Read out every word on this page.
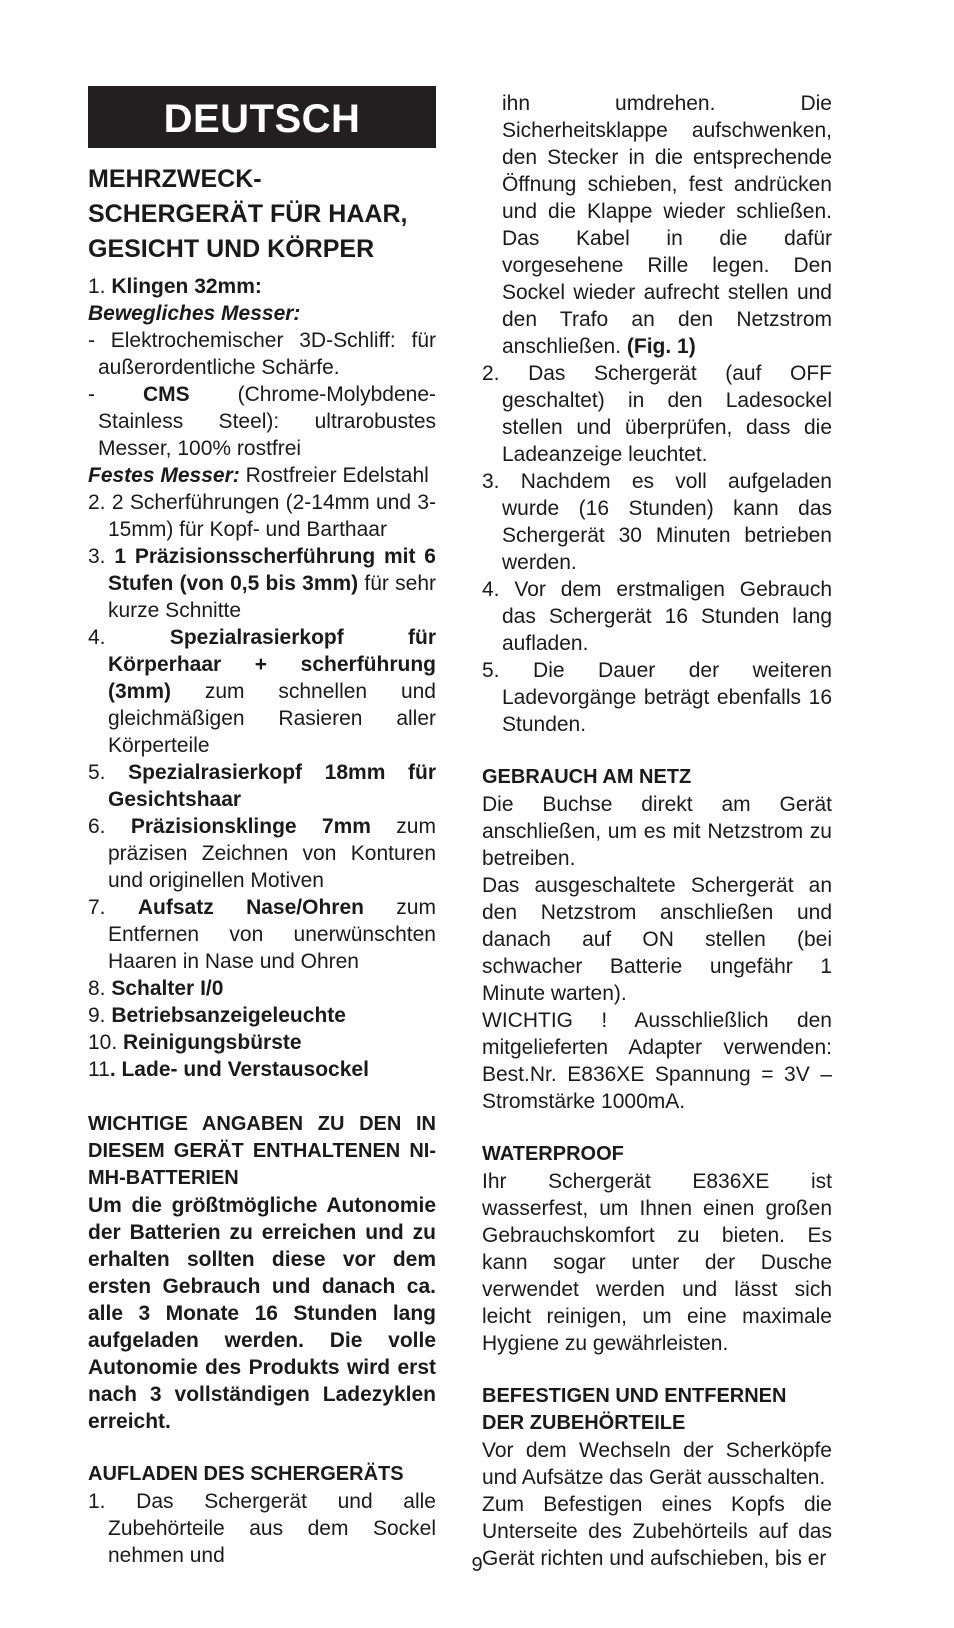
DEUTSCH

MEHRZWECK-SCHERGERÄT FÜR HAAR, GESICHT UND KÖRPER

1. Klingen 32mm:

Bewegliches Messer:

- Elektrochemischer 3D-Schliff: für außerordentliche Schärfe.

- CMS (Chrome-Molybdene-Stainless Steel): ultrarobustes Messer, 100% rostfrei

Festes Messer: Rostfreier Edelstahl

2. 2 Scherführungen (2-14mm und 3-15mm) für Kopf- und Barthaar

3. 1 Präzisionsscherführung mit 6 Stufen (von 0,5 bis 3mm) für sehr kurze Schnitte

4. Spezialrasierkopf für Körperhaar + scherführung (3mm) zum schnellen und gleichmäßigen Rasieren aller Körperteile

5. Spezialrasierkopf 18mm für Gesichtshaar

6. Präzisionsklinge 7mm zum präzisen Zeichnen von Konturen und originellen Motiven

7. Aufsatz Nase/Ohren zum Entfernen von unerwünschten Haaren in Nase und Ohren

8. Schalter I/0

9. Betriebsanzeigeleuchte

10. Reinigungsbürste

11. Lade- und Verstausockel

WICHTIGE ANGABEN ZU DEN IN DIESEM GERÄT ENTHALTENEN NI-MH-BATTERIEN

Um die größtmögliche Autonomie der Batterien zu erreichen und zu erhalten sollten diese vor dem ersten Gebrauch und danach ca. alle 3 Monate 16 Stunden lang aufgeladen werden. Die volle Autonomie des Produkts wird erst nach 3 vollständigen Ladezyklen erreicht.

AUFLADEN DES SCHERGERÄTS

1. Das Schergerät und alle Zubehörteile aus dem Sockel nehmen und

ihn umdrehen. Die Sicherheitsklappe aufschwenken, den Stecker in die entsprechende Öffnung schieben, fest andrücken und die Klappe wieder schließen. Das Kabel in die dafür vorgesehene Rille legen. Den Sockel wieder aufrecht stellen und den Trafo an den Netzstrom anschließen. (Fig. 1)

2. Das Schergerät (auf OFF geschaltet) in den Ladesockel stellen und überprüfen, dass die Ladeanzeige leuchtet.

3. Nachdem es voll aufgeladen wurde (16 Stunden) kann das Schergerät 30 Minuten betrieben werden.

4. Vor dem erstmaligen Gebrauch das Schergerät 16 Stunden lang aufladen.

5. Die Dauer der weiteren Ladevorgänge beträgt ebenfalls 16 Stunden.

GEBRAUCH AM NETZ

Die Buchse direkt am Gerät anschließen, um es mit Netzstrom zu betreiben.

Das ausgeschaltete Schergerät an den Netzstrom anschließen und danach auf ON stellen (bei schwacher Batterie ungefähr 1 Minute warten).

WICHTIG ! Ausschließlich den mitgelieferten Adapter verwenden: Best.Nr. E836XE Spannung = 3V – Stromstärke 1000mA.

WATERPROOF

Ihr Schergerät E836XE ist wasserfest, um Ihnen einen großen Gebrauchskomfort zu bieten. Es kann sogar unter der Dusche verwendet werden und lässt sich leicht reinigen, um eine maximale Hygiene zu gewährleisten.

BEFESTIGEN UND ENTFERNEN DER ZUBEHÖRTEILE

Vor dem Wechseln der Scherköpfe und Aufsätze das Gerät ausschalten.

Zum Befestigen eines Kopfs die Unterseite des Zubehörteils auf das Gerät richten und aufschieben, bis er

9
